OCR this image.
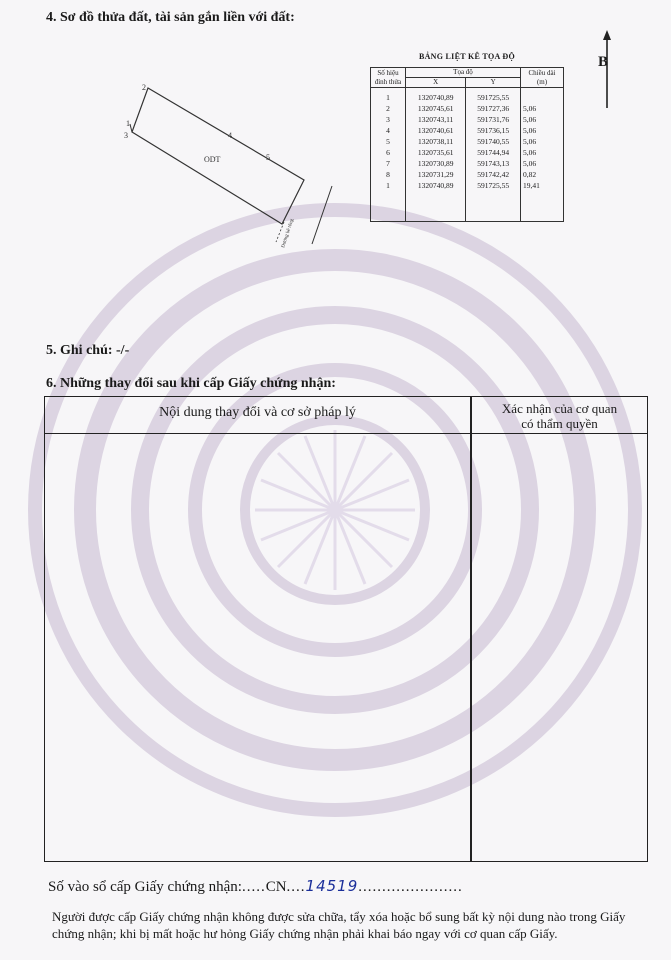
4. Sơ đồ thửa đất, tài sản gắn liền với đất:
B
2
1
3	4
5
ODT
Đường bê tông
BẢNG LIỆT KÊ TỌA ĐỘ
Số hiệu đỉnh thửa	Tọa độ		Chiều dài (m)
	X	Y	
1	1320740,89	591725,55	
2	1320745,61	591727,36	5,06
3	1320743,11	591731,76	5,06
4	1320740,61	591736,15	5,06
5	1320738,11	591740,55	5,06
6	1320735,61	591744,94	5,06
7	1320730,89	591743,13	5,06
8	1320731,29	591742,42	0,82
1	1320740,89	591725,55	19,41

5. Ghi chú: -/-
6. Những thay đổi sau khi cấp Giấy chứng nhận:
Nội dung thay đổi và cơ sở pháp lý	Xác nhận của cơ quan
có thẩm quyền
Số vào sổ cấp Giấy chứng nhận:.....CN....14519......................
Người được cấp Giấy chứng nhận không được sửa chữa, tẩy xóa hoặc bổ sung bất kỳ nội dung nào trong Giấy chứng nhận; khi bị mất hoặc hư hỏng Giấy chứng nhận phải khai báo ngay với cơ quan cấp Giấy.
